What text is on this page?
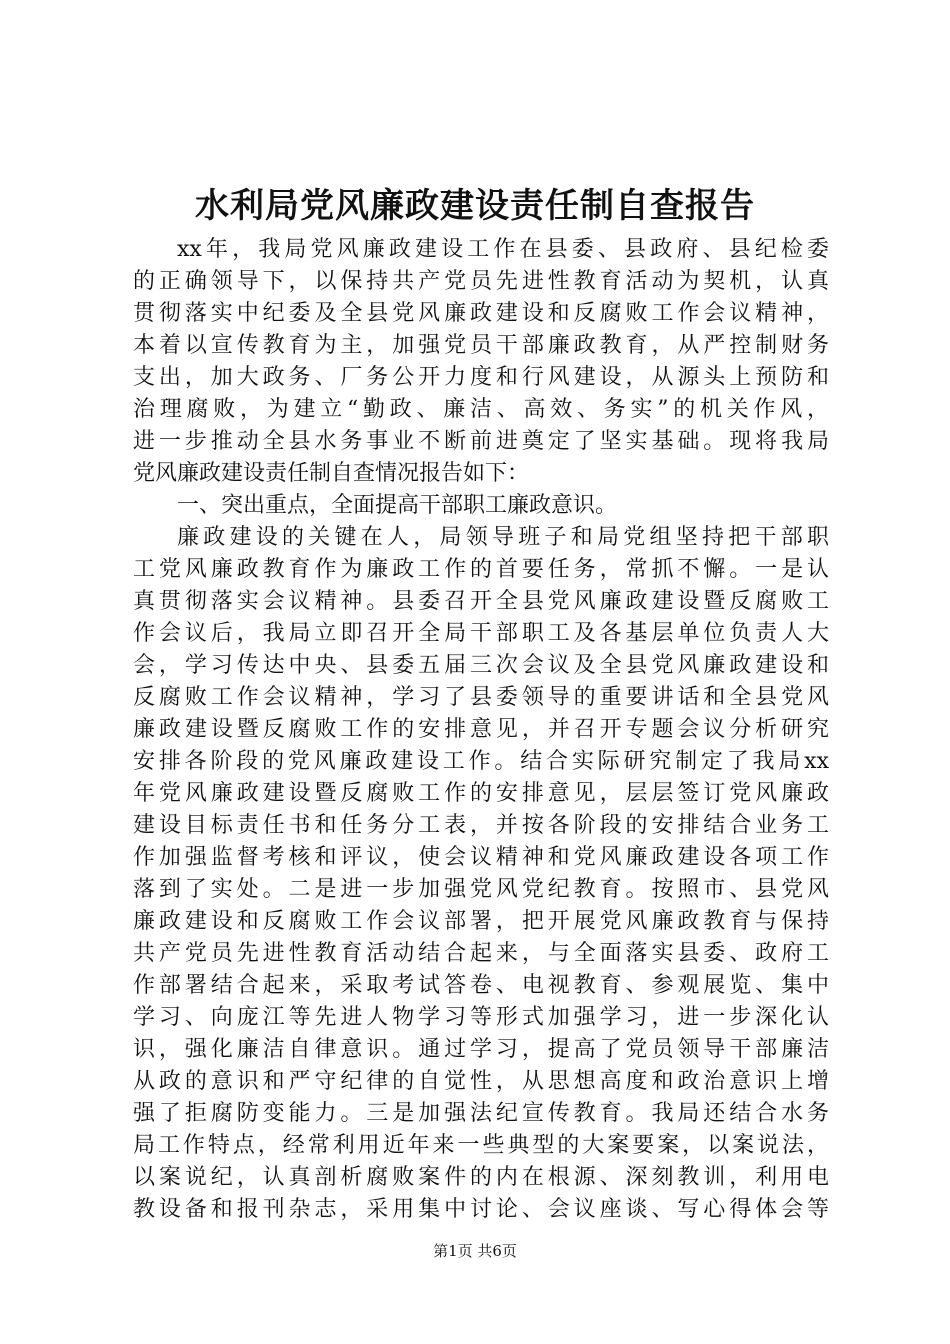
水利局党风廉政建设责任制自查报告
xx年，我局党风廉政建设工作在县委、县政府、县纪检委
的正确领导下，以保持共产党员先进性教育活动为契机，认真
贯彻落实中纪委及全县党风廉政建设和反腐败工作会议精神，
本着以宣传教育为主，加强党员干部廉政教育，从严控制财务
支出，加大政务、厂务公开力度和行风建设，从源头上预防和
治理腐败，为建立“勤政、廉洁、高效、务实”的机关作风，
进一步推动全县水务事业不断前进奠定了坚实基础。现将我局
党风廉政建设责任制自查情况报告如下：
一、突出重点，全面提高干部职工廉政意识。
廉政建设的关键在人，局领导班子和局党组坚持把干部职
工党风廉政教育作为廉政工作的首要任务，常抓不懈。一是认
真贯彻落实会议精神。县委召开全县党风廉政建设暨反腐败工
作会议后，我局立即召开全局干部职工及各基层单位负责人大
会，学习传达中央、县委五届三次会议及全县党风廉政建设和
反腐败工作会议精神，学习了县委领导的重要讲话和全县党风
廉政建设暨反腐败工作的安排意见，并召开专题会议分析研究
安排各阶段的党风廉政建设工作。结合实际研究制定了我局xx
年党风廉政建设暨反腐败工作的安排意见，层层签订党风廉政
建设目标责任书和任务分工表，并按各阶段的安排结合业务工
作加强监督考核和评议，使会议精神和党风廉政建设各项工作
落到了实处。二是进一步加强党风党纪教育。按照市、县党风
廉政建设和反腐败工作会议部署，把开展党风廉政教育与保持
共产党员先进性教育活动结合起来，与全面落实县委、政府工
作部署结合起来，采取考试答卷、电视教育、参观展览、集中
学习、向庞江等先进人物学习等形式加强学习，进一步深化认
识，强化廉洁自律意识。通过学习，提高了党员领导干部廉洁
从政的意识和严守纪律的自觉性，从思想高度和政治意识上增
强了拒腐防变能力。三是加强法纪宣传教育。我局还结合水务
局工作特点，经常利用近年来一些典型的大案要案，以案说法，
以案说纪，认真剖析腐败案件的内在根源、深刻教训，利用电
教设备和报刊杂志，采用集中讨论、会议座谈、写心得体会等
第1页 共6页
